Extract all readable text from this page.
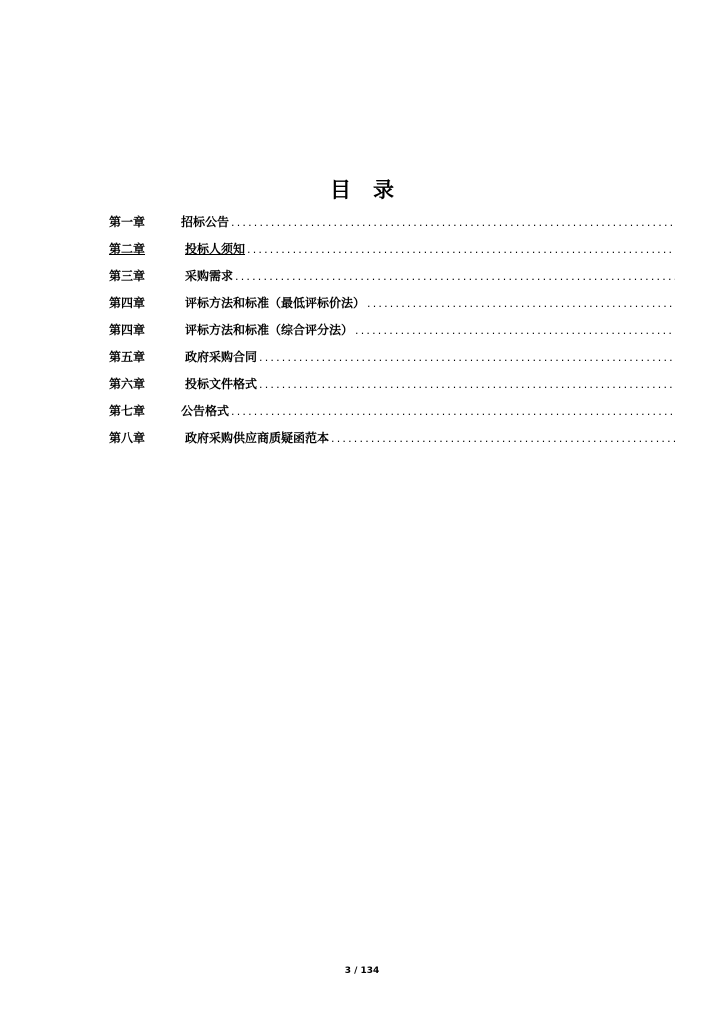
目 录
第一章	招标公告
.....
第二章	投标人须知
.....
第三章	采购需求
.....
第四章	评标方法和标准（最低评标价法）
.....
第四章	评标方法和标准（综合评分法）
.....
第五章	政府采购合同
.....
第六章	投标文件格式
.....
第七章	公告格式
.....
第八章	政府采购供应商质疑函范本
.....
3 / 134
